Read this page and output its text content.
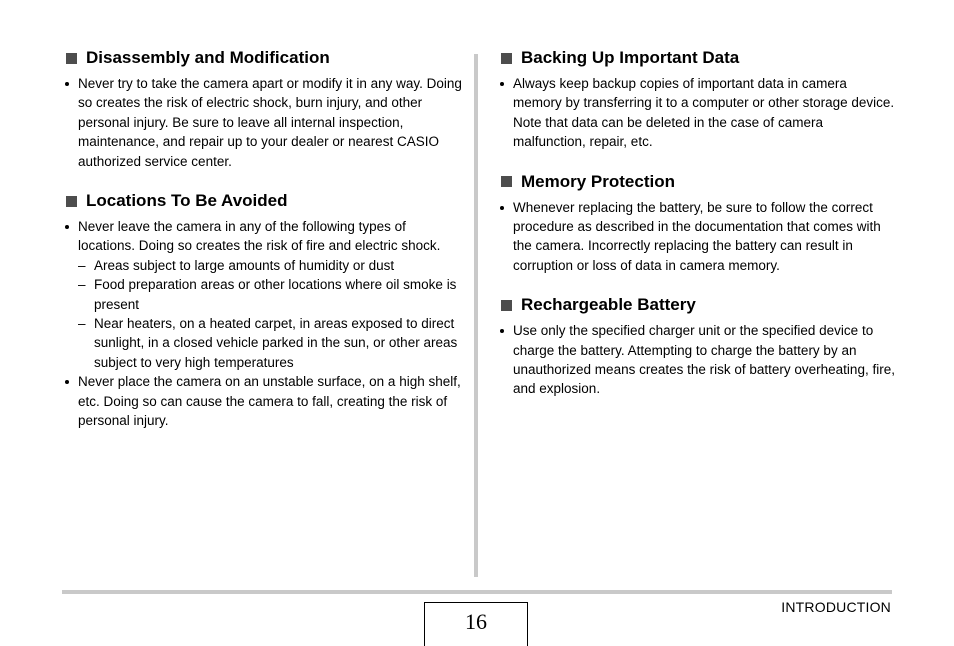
Disassembly and Modification
Never try to take the camera apart or modify it in any way. Doing so creates the risk of electric shock, burn injury, and other personal injury. Be sure to leave all internal inspection, maintenance, and repair up to your dealer or nearest CASIO authorized service center.
Locations To Be Avoided
Never leave the camera in any of the following types of locations. Doing so creates the risk of fire and electric shock.
– Areas subject to large amounts of humidity or dust
– Food preparation areas or other locations where oil smoke is present
– Near heaters, on a heated carpet, in areas exposed to direct sunlight, in a closed vehicle parked in the sun, or other areas subject to very high temperatures
Never place the camera on an unstable surface, on a high shelf, etc. Doing so can cause the camera to fall, creating the risk of personal injury.
Backing Up Important Data
Always keep backup copies of important data in camera memory by transferring it to a computer or other storage device. Note that data can be deleted in the case of camera malfunction, repair, etc.
Memory Protection
Whenever replacing the battery, be sure to follow the correct procedure as described in the documentation that comes with the camera. Incorrectly replacing the battery can result in corruption or loss of data in camera memory.
Rechargeable Battery
Use only the specified charger unit or the specified device to charge the battery. Attempting to charge the battery by an unauthorized means creates the risk of battery overheating, fire, and explosion.
16
INTRODUCTION
